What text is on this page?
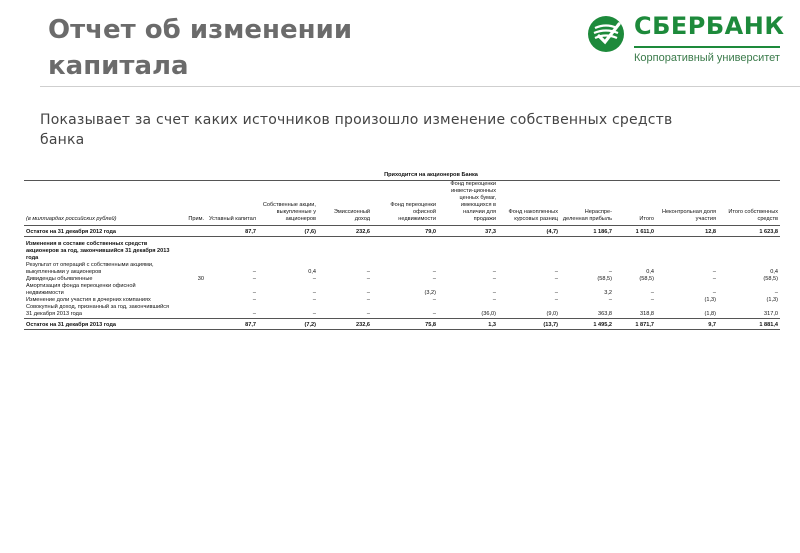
Отчет об изменении
капитала
СБЕРБАНК
Корпоративный университет
Показывает за счет каких источников произошло изменение собственных средств банка
		Приходится на акционеров Банка									
(в миллиардах российских рублей)	Прим.	Уставный капитал	Собственные акции, выкупленные у акционеров	Эмиссионный доход	Фонд переоценки офисной недвижимости	Фонд переоценки инвести-ционных ценных бумаг, имеющихся в наличии для продажи	Фонд накопленных курсовых разниц	Нераспре-деленная прибыль	Итого	Неконтрольная доля участия	Итого собственных средств
Остаток на 31 декабря 2012 года		87,7	(7,6)	232,6	79,0	37,3	(4,7)	1 186,7	1 611,0	12,8	1 623,8
Изменения в составе собственных средств акционеров за год, закончившийся 31 декабря 2013 года											
Результат от операций с собственными акциями, выкупленными у акционеров		–	0,4	–	–	–	–	–	0,4	–	0,4
Дивиденды объявленные	30	–	–	–	–	–	–	(58,5)	(58,5)	–	(58,5)
Амортизация фонда переоценки офисной недвижимости		–	–	–	(3,2)	–	–	3,2	–	–	–
Изменение доли участия в дочерних компаниях		–	–	–	–	–	–	–	–	(1,3)	(1,3)
Совокупный доход, признанный за год, закончившийся 31 декабря 2013 года		–	–	–	–	(36,0)	(9,0)	363,8	318,8	(1,8)	317,0
Остаток на 31 декабря 2013 года		87,7	(7,2)	232,6	75,8	1,3	(13,7)	1 495,2	1 871,7	9,7	1 881,4
